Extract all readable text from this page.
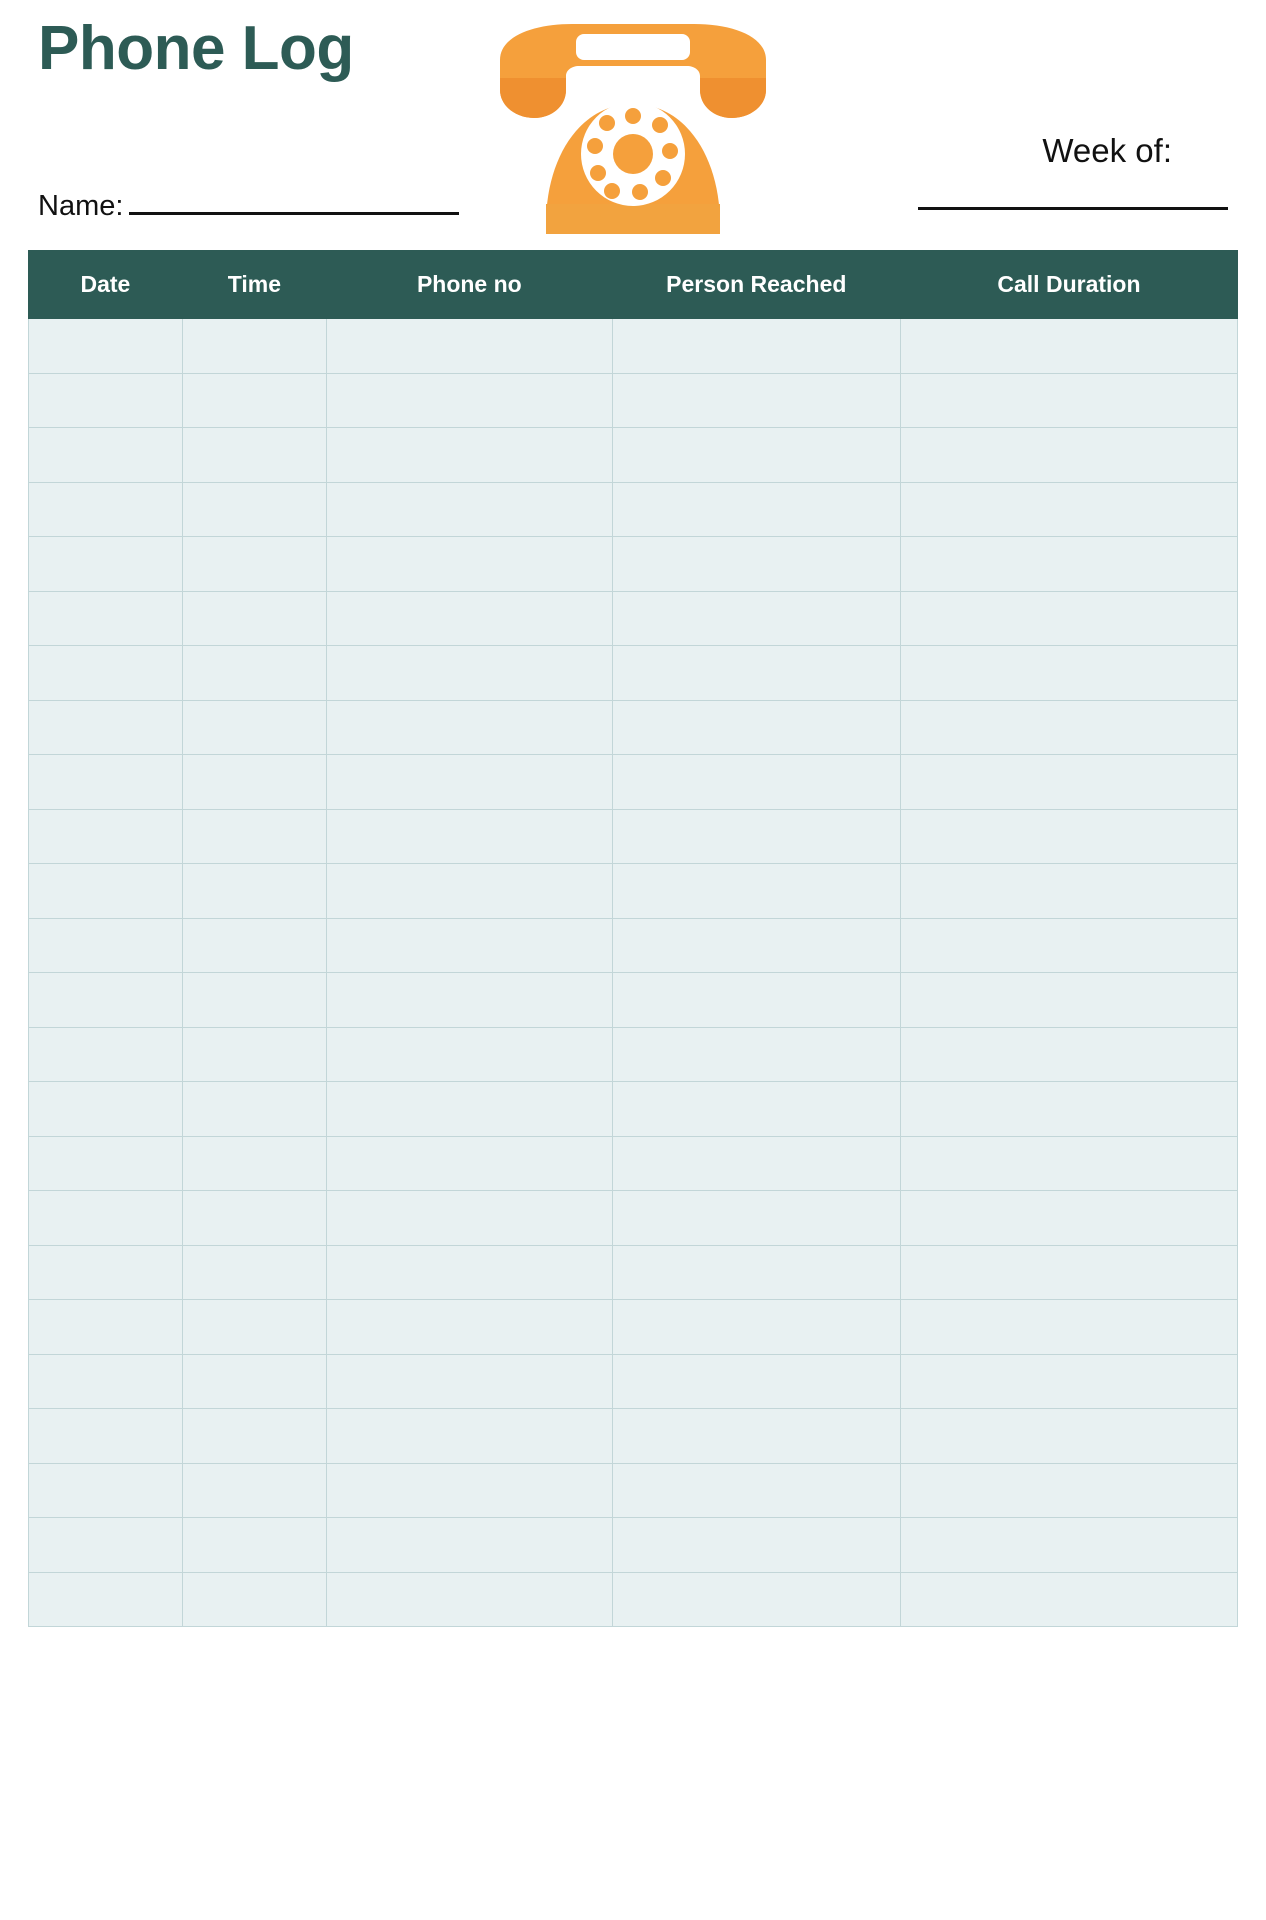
Phone Log
Name:
Week of:
Date	Time	Phone no	Person Reached	Call Duration
